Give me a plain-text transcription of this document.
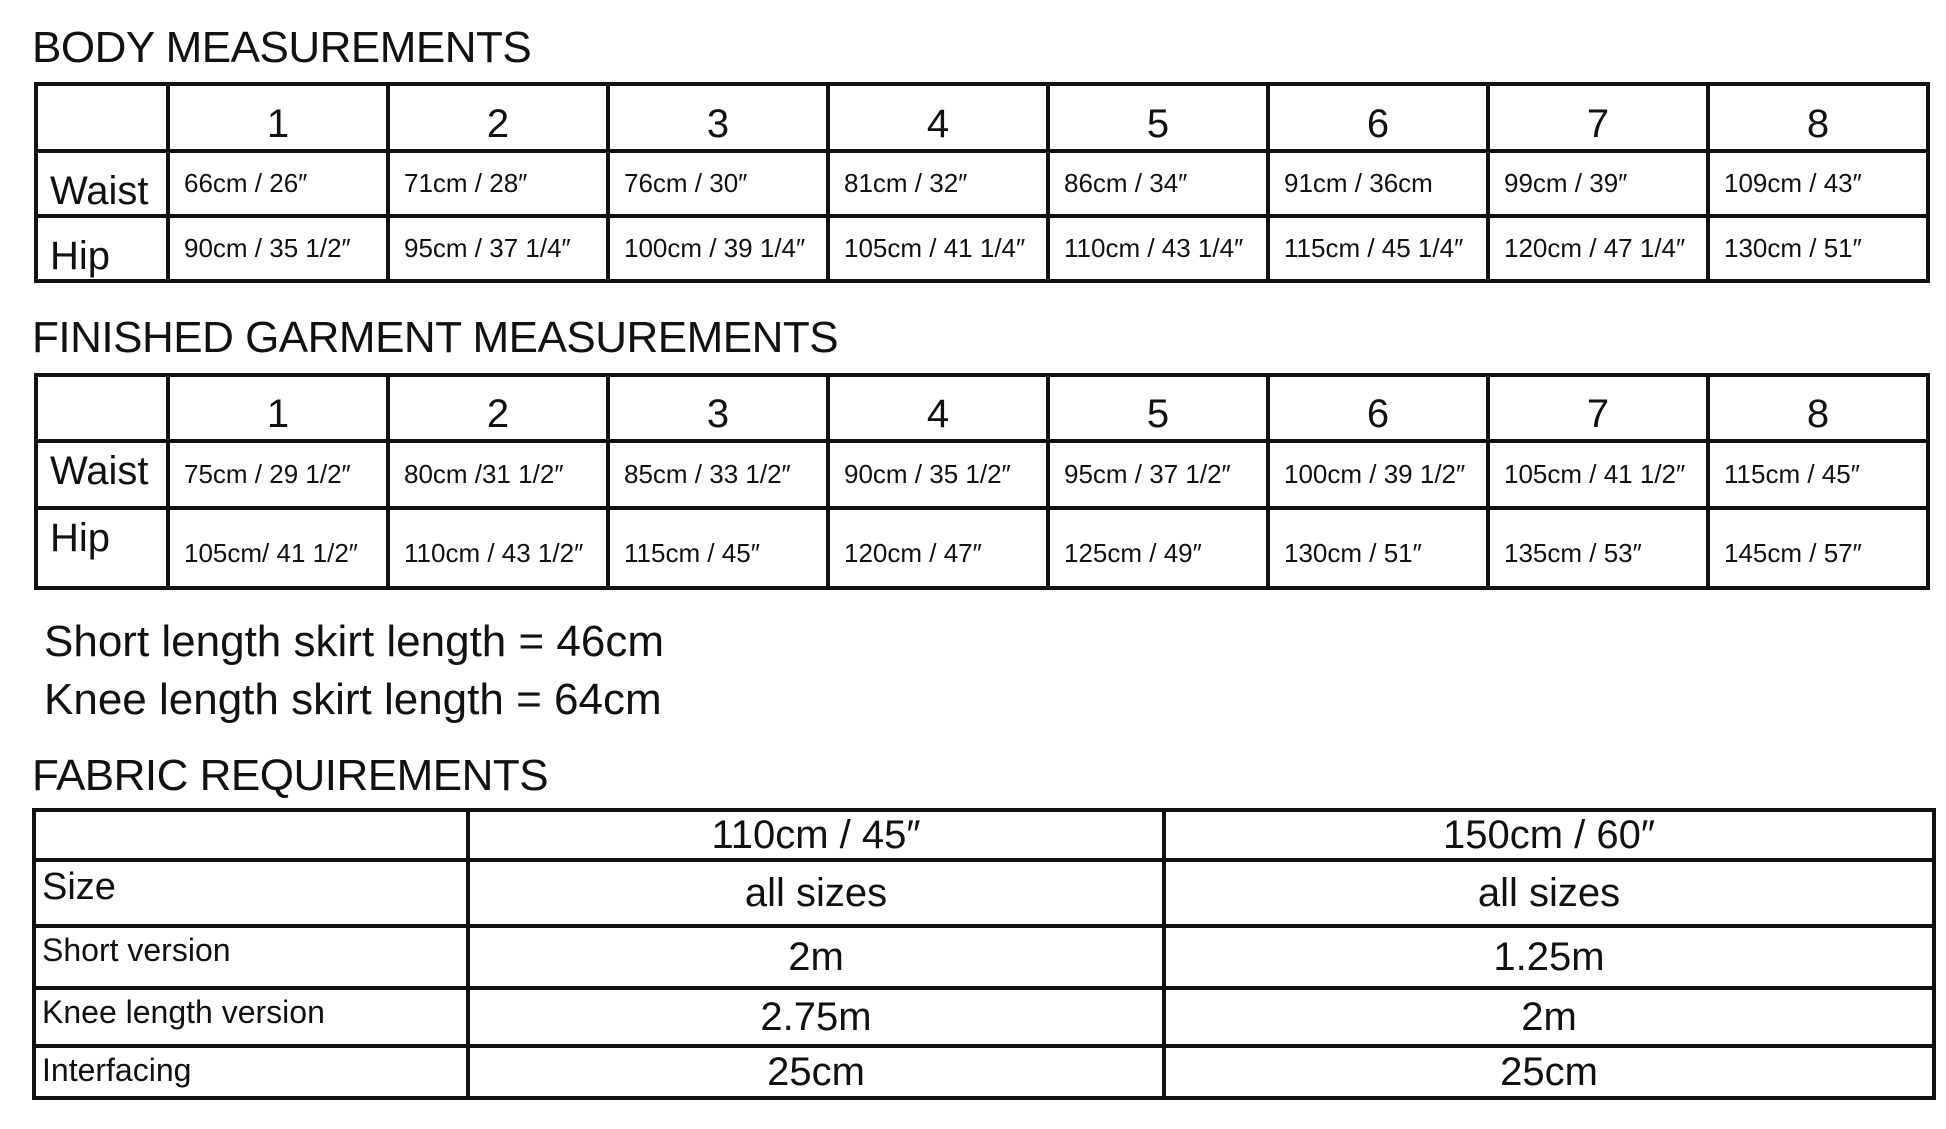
BODY MEASUREMENTS
	1	2	3	4	5	6	7	8
Waist	66cm / 26″	71cm / 28″	76cm / 30″	81cm / 32″	86cm / 34″	91cm / 36cm	99cm / 39″	109cm / 43″
Hip	90cm / 35 1/2″	95cm / 37 1/4″	100cm / 39 1/4″	105cm / 41 1/4″	110cm / 43 1/4″	115cm / 45 1/4″	120cm / 47 1/4″	130cm / 51″
FINISHED GARMENT MEASUREMENTS
	1	2	3	4	5	6	7	8
Waist	75cm / 29 1/2″	80cm /31 1/2″	85cm / 33 1/2″	90cm / 35 1/2″	95cm / 37 1/2″	100cm / 39 1/2″	105cm / 41 1/2″	115cm / 45″
Hip	105cm/ 41 1/2″	110cm / 43 1/2″	115cm / 45″	120cm / 47″	125cm / 49″	130cm / 51″	135cm / 53″	145cm / 57″

Short length skirt length = 46cm

Knee length skirt length = 64cm

FABRIC REQUIREMENTS
	110cm / 45″	150cm / 60″
Size	all sizes	all sizes
Short version	2m	1.25m
Knee length version	2.75m	2m
Interfacing	25cm	25cm
